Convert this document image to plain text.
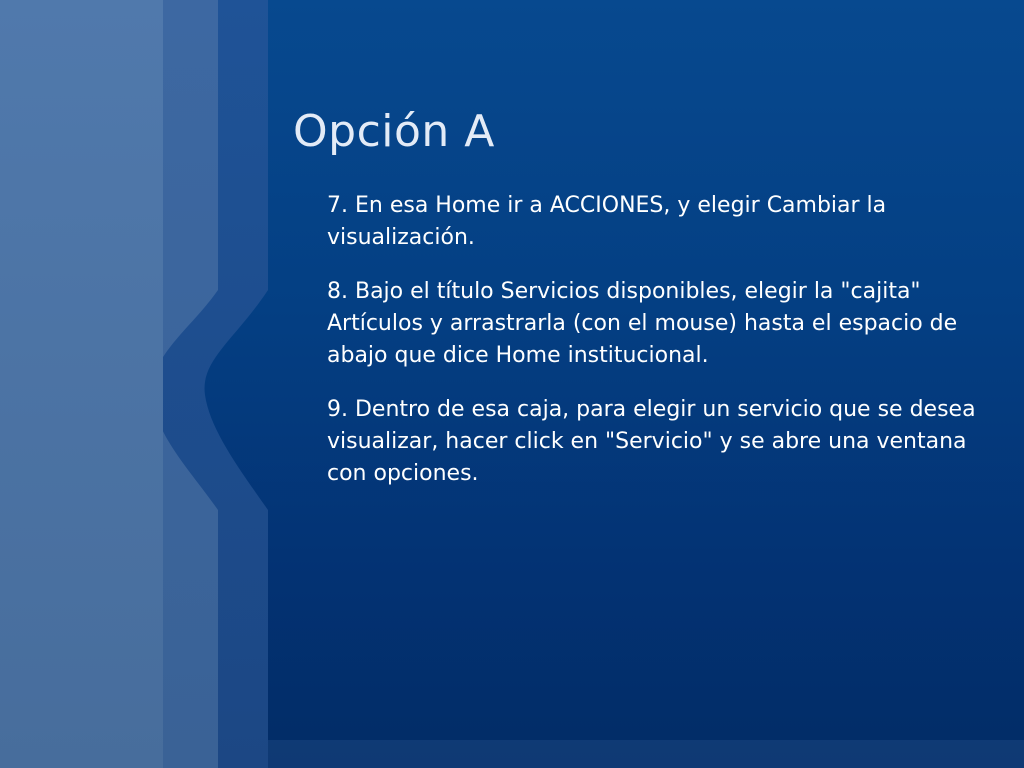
Opción A
7. En esa Home ir a ACCIONES, y elegir Cambiar la visualización.
8. Bajo el título Servicios disponibles, elegir la "cajita" Artículos y arrastrarla (con el mouse) hasta el espacio de abajo que dice Home institucional.
9. Dentro de esa caja, para elegir un servicio que se desea visualizar, hacer click en "Servicio" y se abre una ventana con opciones.
